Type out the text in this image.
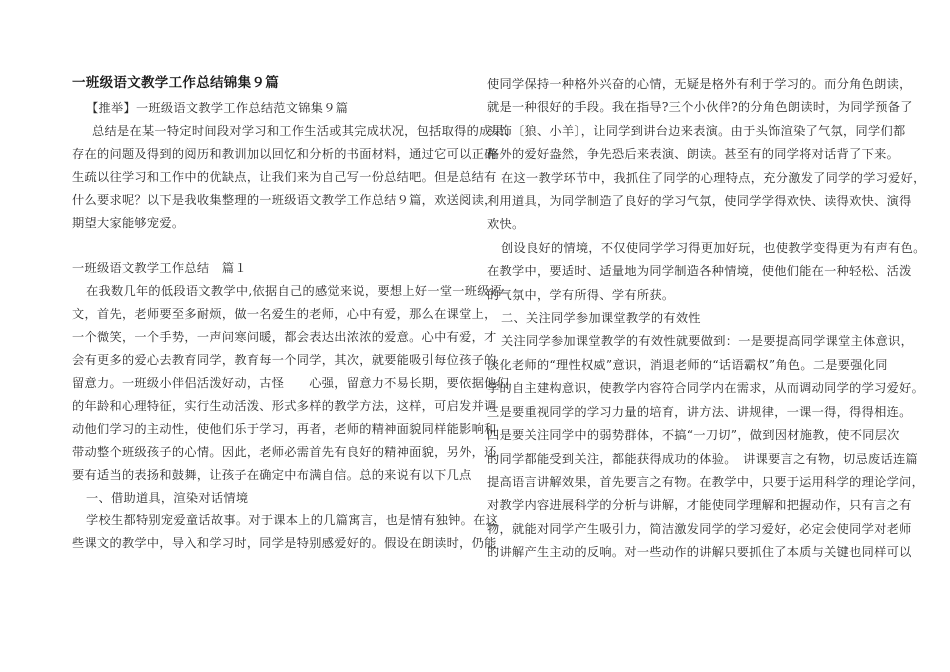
一班级语文教学工作总结锦集９篇
【推举】一班级语文教学工作总结范文锦集９篇
总结是在某一特定时间段对学习和工作生活或其完成状况，包括取得的成果、
存在的问题及得到的阅历和教训加以回忆和分析的书面材料，通过它可以正确
生疏以往学习和工作中的优缺点，让我们来为自己写一份总结吧。但是总结有
什么要求呢？以下是我收集整理的一班级语文教学工作总结９篇，欢送阅读，
期望大家能够宠爱。
一班级语文教学工作总结　篇１
在我数几年的低段语文教学中,依据自己的感觉来说，要想上好一堂一班级语
文，首先，老师要至多耐烦，做一名爱生的老师，心中有爱，那么在课堂上，
一个微笑，一个手势，一声问寒问暖，都会表达出浓浓的爱意。心中有爱，才
会有更多的爱心去教育同学，教育每一个同学，其次，就要能吸引每位孩子的
留意力。一班级小伴侣活泼好动，古怪　　心强，留意力不易长期，要依据他们
的年龄和心理特征，实行生动活泼、形式多样的教学方法，这样，可启发并调
动他们学习的主动性，使他们乐于学习，再者，老师的精神面貌同样能影响和
带动整个班级孩子的心情。因此，老师必需首先有良好的精神面貌，另外，还
要有适当的表扬和鼓舞，让孩子在确定中布满自信。总的来说有以下几点
一、借助道具，渲染对话情境
学校生都特别宠爱童话故事。对于课本上的几篇寓言，也是情有独钟。在这
些课文的教学中，导入和学习时，同学是特别感爱好的。假设在朗读时，仍能
使同学保持一种格外兴奋的心情，无疑是格外有利于学习的。而分角色朗读，
就是一种很好的手段。我在指导?三个小伙伴?的分角色朗读时，为同学预备了
头饰〔狼、小羊〕，让同学到讲台边来表演。由于头饰渲染了气氛，同学们都
格外的爱好盎然，争先恐后来表演、朗读。甚至有的同学将对话背了下来。
在这一教学环节中，我抓住了同学的心理特点，充分激发了同学的学习爱好，
利用道具，为同学制造了良好的学习气氛，使同学学得欢快、读得欢快、演得
欢快。
创设良好的情境，不仅使同学学习得更加好玩，也使教学变得更为有声有色。
在教学中，要适时、适量地为同学制造各种情境，使他们能在一种轻松、活泼
的气氛中，学有所得、学有所获。
二、关注同学参加课堂教学的有效性
关注同学参加课堂教学的有效性就要做到：一是要提高同学课堂主体意识，
淡化老师的“理性权威”意识，消退老师的“话语霸权”角色。二是要强化同
学的自主建构意识，使教学内容符合同学内在需求，从而调动同学的学习爱好。
三是要重视同学的学习力量的培育，讲方法、讲规律，一课一得，得得相连。
四是要关注同学中的弱势群体，不搞“一刀切”，做到因材施教，使不同层次
的同学都能受到关注，都能获得成功的体验。　讲课要言之有物，切忌废话连篇
提高语言讲解效果，首先要言之有物。在教学中，只要于运用科学的理论学问，
对教学内容进展科学的分析与讲解，才能使同学理解和把握动作，只有言之有
物，就能对同学产生吸引力，简洁激发同学的学习爱好，必定会使同学对老师
的讲解产生主动的反响。对一些动作的讲解只要抓住了本质与关键也同样可以
